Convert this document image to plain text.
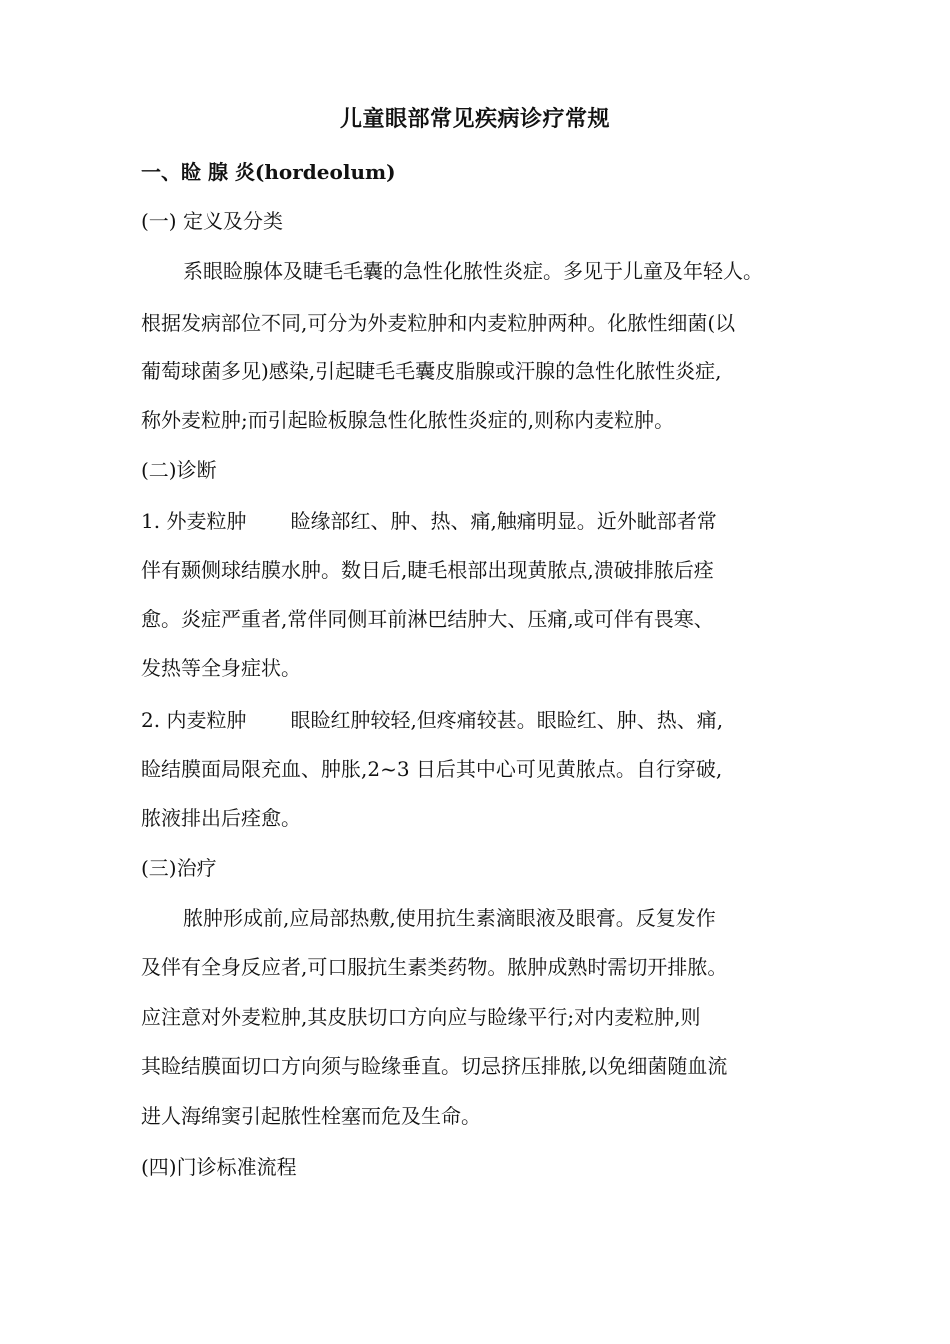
儿童眼部常见疾病诊疗常规
一、睑 腺 炎(hordeolum)
(一) 定义及分类
系眼睑腺体及睫毛毛囊的急性化脓性炎症。多见于儿童及年轻人。
根据发病部位不同,可分为外麦粒肿和内麦粒肿两种。化脓性细菌(以
葡萄球菌多见)感染,引起睫毛毛囊皮脂腺或汗腺的急性化脓性炎症,
称外麦粒肿;而引起睑板腺急性化脓性炎症的,则称内麦粒肿。
(二)诊断
1. 外麦粒肿 睑缘部红、肿、热、痛,触痛明显。近外眦部者常
伴有颞侧球结膜水肿。数日后,睫毛根部出现黄脓点,溃破排脓后痊
愈。炎症严重者,常伴同侧耳前淋巴结肿大、压痛,或可伴有畏寒、
发热等全身症状。
2. 内麦粒肿 眼睑红肿较轻,但疼痛较甚。眼睑红、肿、热、痛,
睑结膜面局限充血、肿胀,2~3 日后其中心可见黄脓点。自行穿破,
脓液排出后痊愈。
(三)治疗
脓肿形成前,应局部热敷,使用抗生素滴眼液及眼膏。反复发作
及伴有全身反应者,可口服抗生素类药物。脓肿成熟时需切开排脓。
应注意对外麦粒肿,其皮肤切口方向应与睑缘平行;对内麦粒肿,则
其睑结膜面切口方向须与睑缘垂直。切忌挤压排脓,以免细菌随血流
进人海绵窦引起脓性栓塞而危及生命。
(四)门诊标准流程
